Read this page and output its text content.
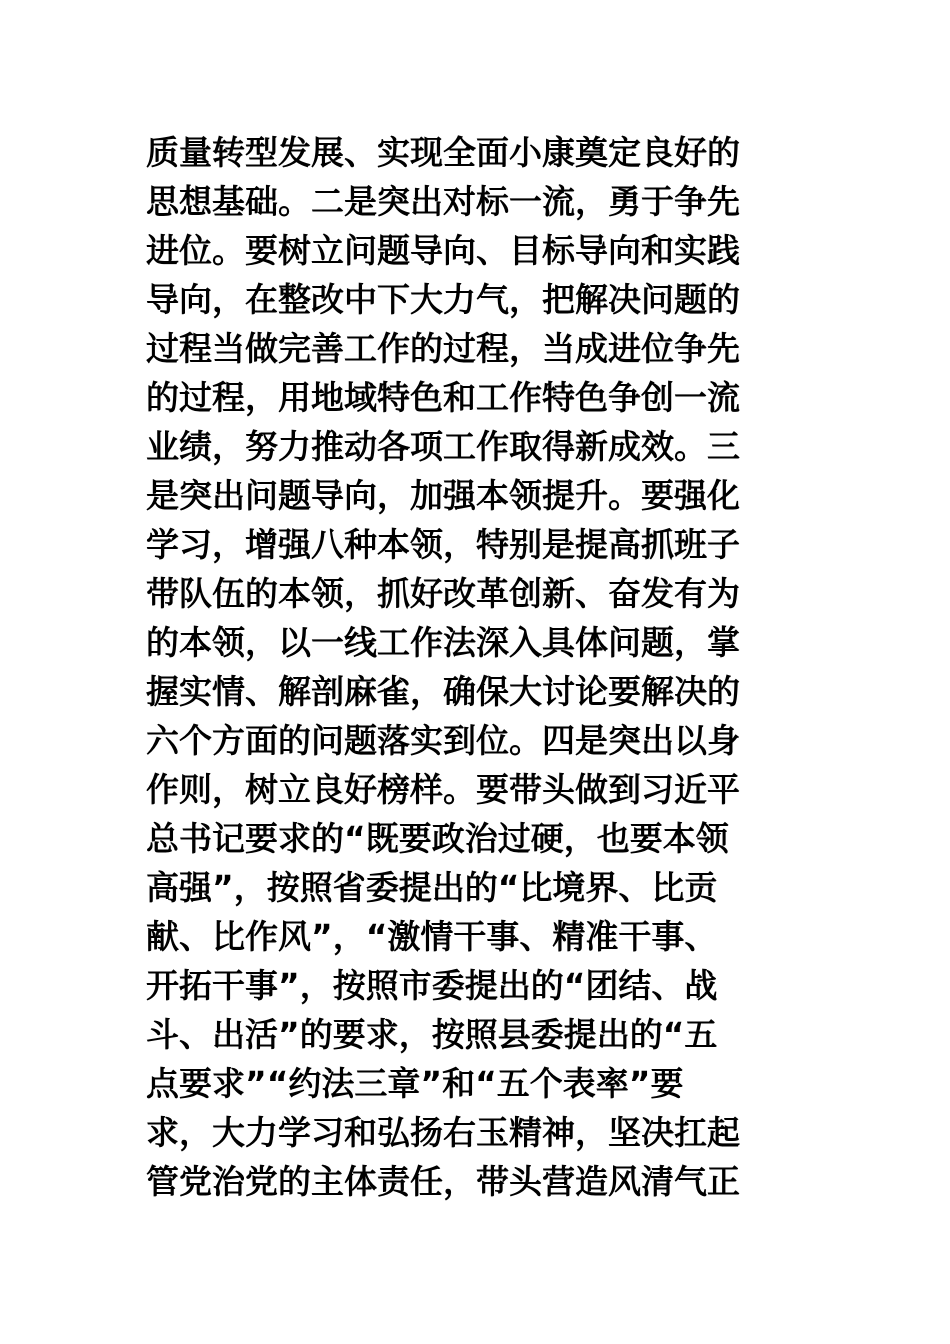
质量转型发展、实现全面小康奠定良好的
思想基础。二是突出对标一流，勇于争先
进位。要树立问题导向、目标导向和实践
导向，在整改中下大力气，把解决问题的
过程当做完善工作的过程，当成进位争先
的过程，用地域特色和工作特色争创一流
业绩，努力推动各项工作取得新成效。三
是突出问题导向，加强本领提升。要强化
学习，增强八种本领，特别是提高抓班子
带队伍的本领，抓好改革创新、奋发有为
的本领，以一线工作法深入具体问题，掌
握实情、解剖麻雀，确保大讨论要解决的
六个方面的问题落实到位。四是突出以身
作则，树立良好榜样。要带头做到习近平
总书记要求的“既要政治过硬，也要本领
高强”，按照省委提出的“比境界、比贡
献、比作风”，“激情干事、精准干事、
开拓干事”，按照市委提出的“团结、战
斗、出活”的要求，按照县委提出的“五
点要求”“约法三章”和“五个表率”要
求，大力学习和弘扬右玉精神，坚决扛起
管党治党的主体责任，带头营造风清气正
